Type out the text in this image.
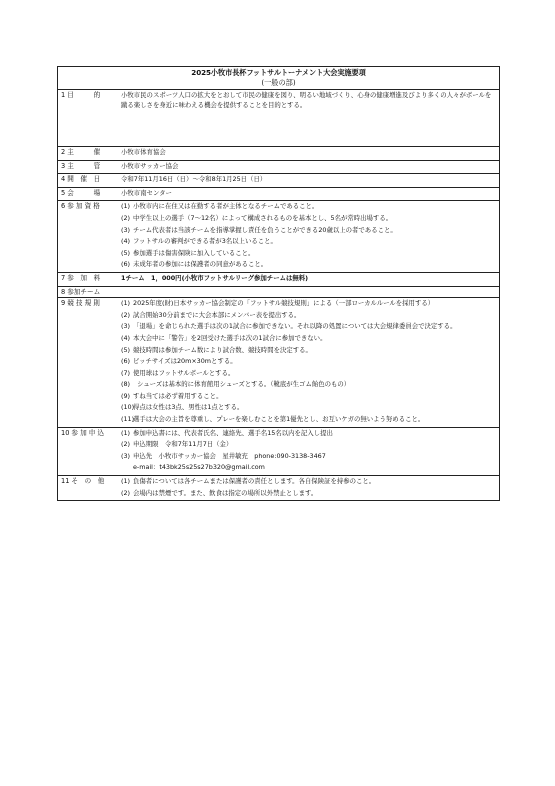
2025小牧市長杯フットサルトーナメント大会実施要項
(一般の部)
1 目　　　的	小牧市民のスポーツ人口の拡大をとおして市民の健康を図り、明るい地域づくり、心身の健康増進及びより多くの人々がボールを蹴る楽しさを身近に味わえる機会を提供することを目的とする。
2 主　　　催	小牧市体育協会
3 主　　　管	小牧市サッカー協会
4 開　催　日	令和7年11月16日（日）～令和8年1月25日（日）
5 会　　　場	小牧市南センター
6 参 加 資 格	(1) 小牧市内に在住又は在勤する者が主体となるチームであること。
(2) 中学生以上の選手（7～12名）によって構成されるものを基本とし、5名が常時出場する。
(3) チーム代表者は当該チームを指導掌握し責任を負うことができる20歳以上の者であること。
(4) フットサルの審判ができる者が3名以上いること。
(5) 参加選手は傷害保険に加入していること。
(6) 未成年者の参加には保護者の同意があること。
7 参　加　料	1チーム　1，000円(小牧市フットサルリーグ参加チームは無料)
8 参加チーム
9 競 技 規 則	(1) 2025年度(財)日本サッカー協会制定の「フットサル競技規則」による（一部ローカルルールを採用する）
(2) 試合開始30分前までに大会本部にメンバー表を提出する。
(3) 「退場」を命じられた選手は次の1試合に参加できない。それ以降の処置については大会規律委員会で決定する。
(4) 本大会中に「警告」を2回受けた選手は次の1試合に参加できない。
(5) 競技時間は参加チーム数により試合数、競技時間を決定する。
(6) ピッチサイズは20m×30mとする。
(7) 使用球はフットサルボールとする。
(8)	シューズは基本的に体育館用シューズとする。（靴底が生ゴム飴色のもの）
(9) すね当ては必ず着用すること。
(10)
得点は女性は3点、男性は1点とする。
(11)
選手は大会の主旨を尊重し、プレーを楽しむことを第1優先とし、お互いケガの無いよう努めること。
10 参 加 申 込	(1) 参加申込書には、代表者氏名、連絡先、選手名15名以内を記入し提出
(2) 申込期限　令和7年11月7日（金）
(3) 申込先　小牧市サッカー協会　星井敏充　phone:090-3138-3467
e-mail：t43bk25s25s27b320@gmail.com
11 そ　の　他	(1) 負傷者については各チームまたは保護者の責任とします。各自保険証を持参のこと。
(2) 会場内は禁煙です。また、飲食は指定の場所以外禁止とします。
